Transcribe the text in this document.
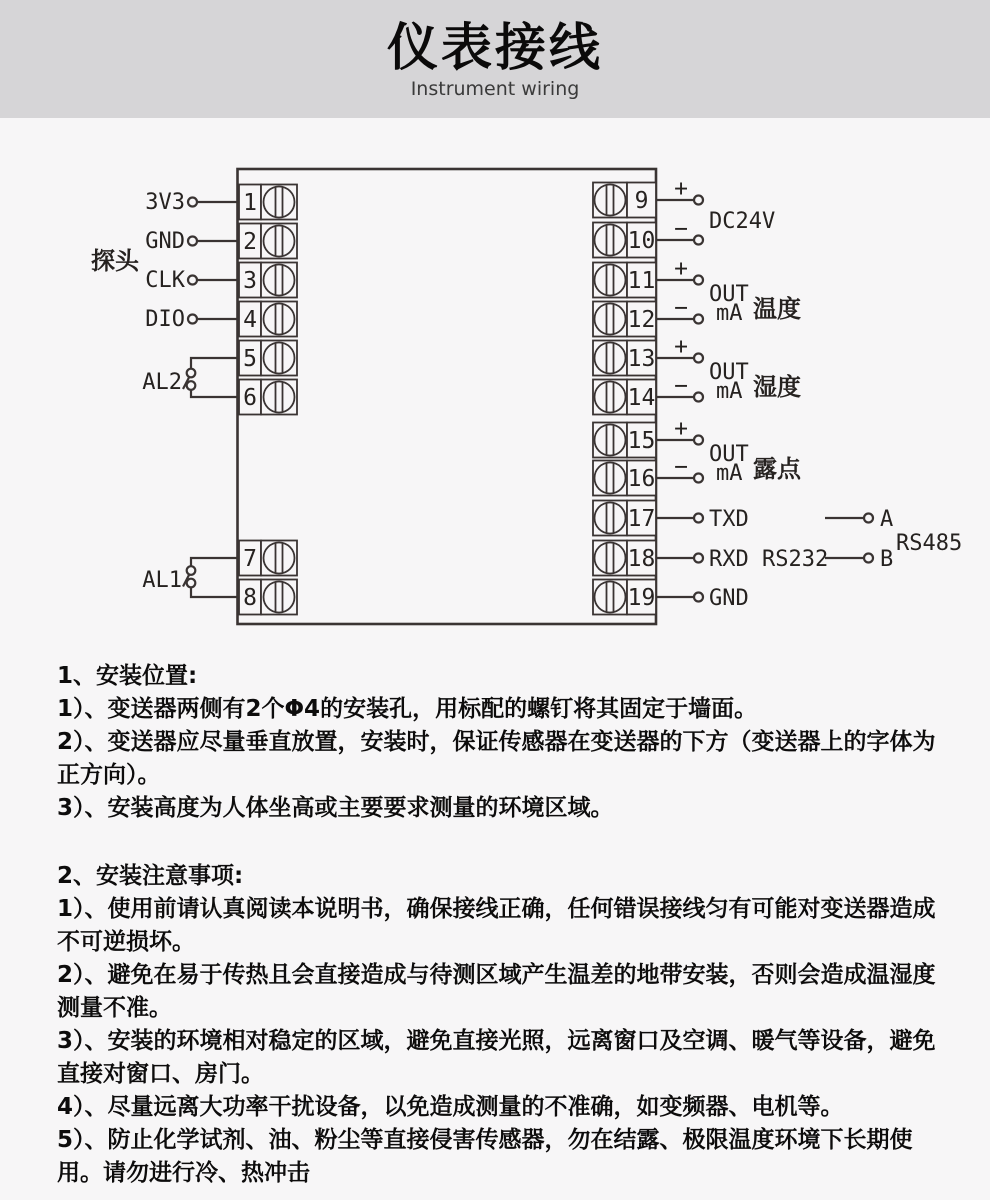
仪表接线
Instrument wiring
1
2
3
4
5
6
7
8
3V3
GND
CLK
DIO
探头
AL2
AL1
9
10
11
12
13
14
15
16
17
18
19
+
−
+
−
+
−
+
−
TXD
RXD RS232
GND
DC24V
OUT
mA 温度
OUT
mA 湿度
OUT
mA 露点
A
B
RS485

1、安装位置:

1）、变送器两侧有2个Φ4的安装孔，用标配的螺钉将其固定于墙面。

2）、变送器应尽量垂直放置，安装时，保证传感器在变送器的下方（变送器上的字体为正方向）。

3）、安装高度为人体坐高或主要要求测量的环境区域。

2、安装注意事项:

1）、使用前请认真阅读本说明书，确保接线正确，任何错误接线匀有可能对变送器造成不可逆损坏。

2）、避免在易于传热且会直接造成与待测区域产生温差的地带安装，否则会造成温湿度测量不准。

3）、安装的环境相对稳定的区域，避免直接光照，远离窗口及空调、暖气等设备，避免直接对窗口、房门。

4）、尽量远离大功率干扰设备，以免造成测量的不准确，如变频器、电机等。

5）、防止化学试剂、油、粉尘等直接侵害传感器，勿在结露、极限温度环境下长期使用。请勿进行冷、热冲击
